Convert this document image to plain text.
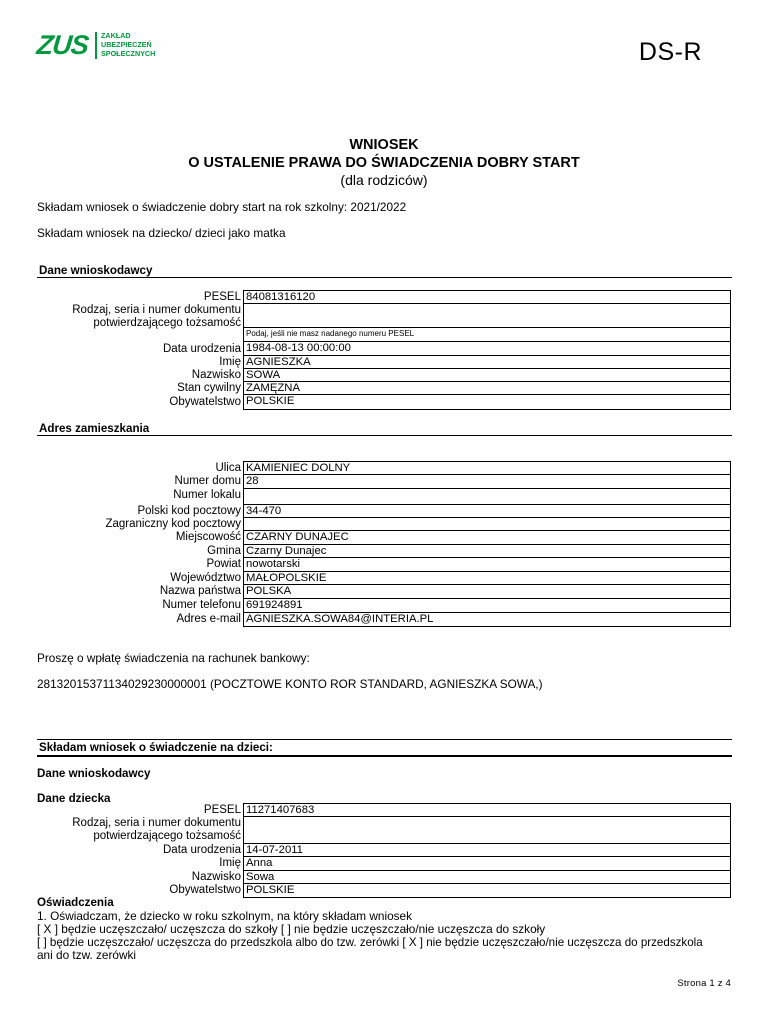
ZUS ZAKŁAD
UBEZPIECZEŃ
SPOŁECZNYCH	DS-R
WNIOSEK
O USTALENIE PRAWA DO ŚWIADCZENIA DOBRY START
(dla rodziców)
Składam wniosek o świadczenie dobry start na rok szkolny: 2021/2022
Składam wniosek na dziecko/ dzieci jako matka
Dane wnioskodawcy
PESEL 84081316120
Rodzaj, seria i numer dokumentu
potwierdzającego tożsamość
Podaj, jeśli nie masz nadanego numeru PESEL
Data urodzenia 1984-08-13 00:00:00
Imię AGNIESZKA
Nazwisko SOWA
Stan cywilny ZAMĘZNA
Obywatelstwo POLSKIE
Adres zamieszkania
Ulica KAMIENIEC DOLNY
Numer domu 28
Numer lokalu
Polski kod pocztowy 34-470
Zagraniczny kod pocztowy
Miejscowość CZARNY DUNAJEC
Gmina Czarny Dunajec
Powiat nowotarski
Województwo MAŁOPOLSKIE
Nazwa państwa POLSKA
Numer telefonu 691924891
Adres e-mail AGNIESZKA.SOWA84@INTERIA.PL
Proszę o wpłatę świadczenia na rachunek bankowy:
28132015371134029230000001 (POCZTOWE KONTO ROR STANDARD, AGNIESZKA SOWA,)
Składam wniosek o świadczenie na dzieci:
Dane wnioskodawcy
Dane dziecka
PESEL 11271407683
Rodzaj, seria i numer dokumentu
potwierdzającego tożsamość
Data urodzenia 14-07-2011
Imię Anna
Nazwisko Sowa
Obywatelstwo POLSKIE
Oświadczenia
1. Oświadczam, że dziecko w roku szkolnym, na który składam wniosek
[ X ] będzie uczęszczało/ uczęszcza do szkoły [ ] nie będzie uczęszczało/nie uczęszcza do szkoły
[ ] będzie uczęszczało/ uczęszcza do przedszkola albo do tzw. zerówki [ X ] nie będzie uczęszczało/nie uczęszcza do przedszkola
ani do tzw. zerówki
Strona 1 z 4
